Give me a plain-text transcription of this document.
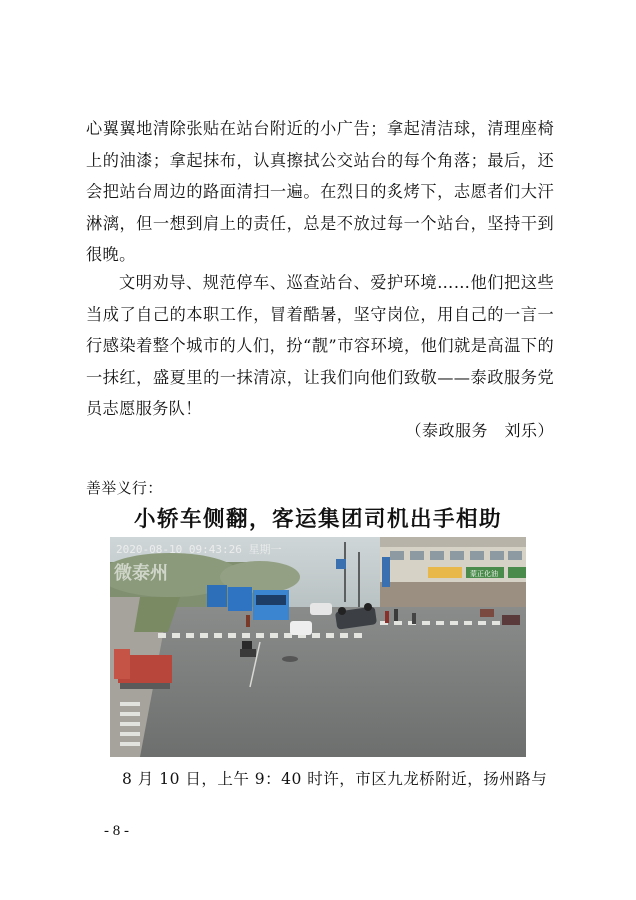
心翼翼地清除张贴在站台附近的小广告；拿起清洁球，清理座椅上的油漆；拿起抹布，认真擦拭公交站台的每个角落；最后，还会把站台周边的路面清扫一遍。在烈日的炙烤下，志愿者们大汗淋漓，但一想到肩上的责任，总是不放过每一个站台，坚持干到很晚。

文明劝导、规范停车、巡查站台、爱护环境……他们把这些当成了自己的本职工作，冒着酷暑，坚守岗位，用自己的一言一行感染着整个城市的人们，扮“靓”市容环境，他们就是高温下的一抹红，盛夏里的一抹清凉，让我们向他们致敬——泰政服务党员志愿服务队！

（泰政服务　刘乐）
善举义行：
小轿车侧翻，客运集团司机出手相助
蒙正化油
2020-08-10 09:43:26 星期一
微泰州
8 月 10 日，上午 9：40 时许，市区九龙桥附近，扬州路与
- 8 -
